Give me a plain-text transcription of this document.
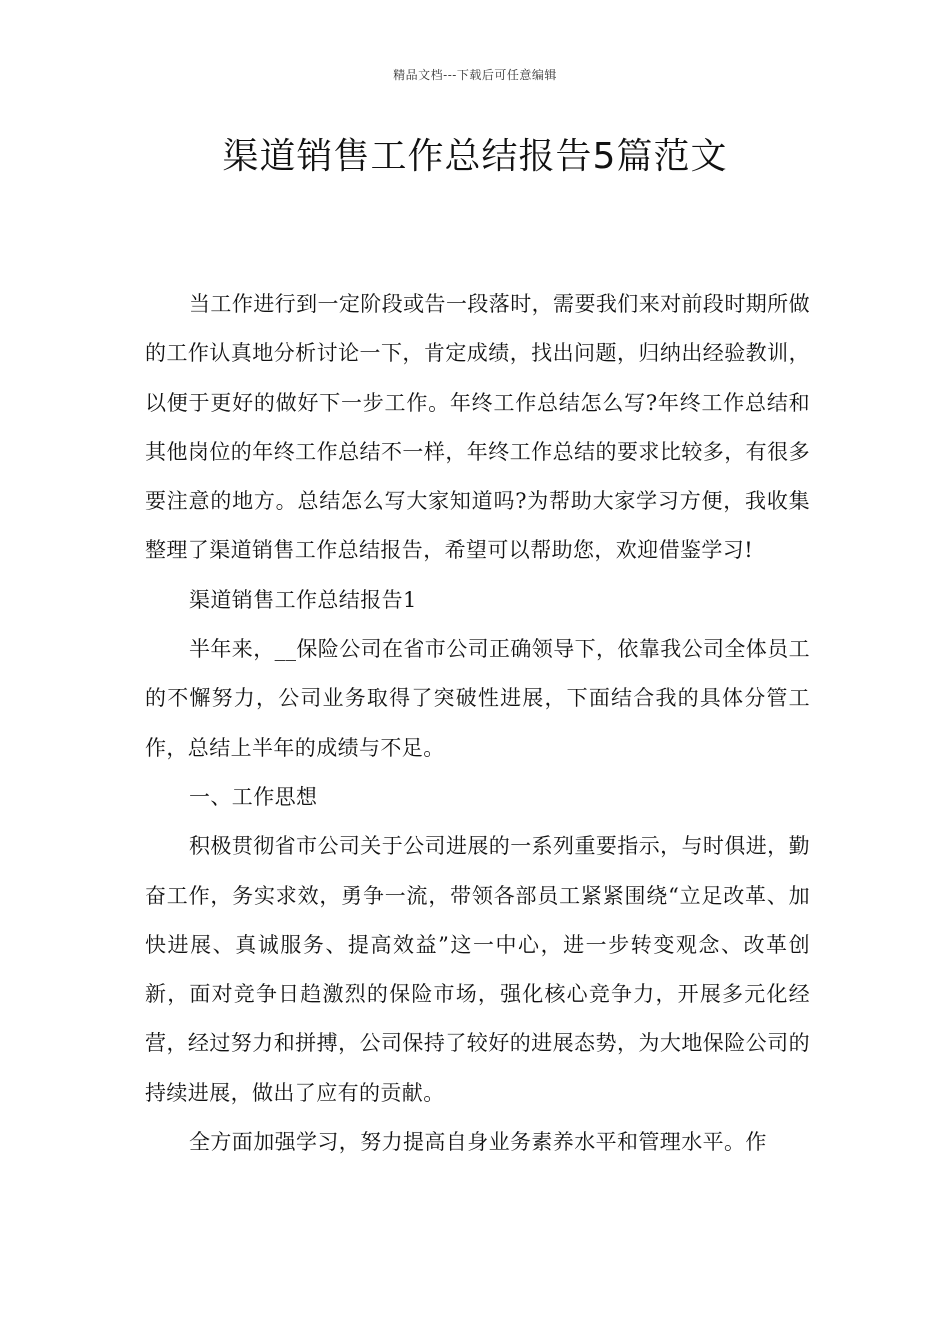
精品文档---下载后可任意编辑
渠道销售工作总结报告5篇范文

当工作进行到一定阶段或告一段落时，需要我们来对前段时期所做的工作认真地分析讨论一下，肯定成绩，找出问题，归纳出经验教训，以便于更好的做好下一步工作。年终工作总结怎么写?年终工作总结和其他岗位的年终工作总结不一样，年终工作总结的要求比较多，有很多要注意的地方。总结怎么写大家知道吗?为帮助大家学习方便，我收集整理了渠道销售工作总结报告，希望可以帮助您，欢迎借鉴学习!

渠道销售工作总结报告1

半年来，__保险公司在省市公司正确领导下，依靠我公司全体员工的不懈努力，公司业务取得了突破性进展，下面结合我的具体分管工作，总结上半年的成绩与不足。

一、工作思想

积极贯彻省市公司关于公司进展的一系列重要指示，与时俱进，勤奋工作，务实求效，勇争一流，带领各部员工紧紧围绕“立足改革、加快进展、真诚服务、提高效益”这一中心，进一步转变观念、改革创新，面对竞争日趋激烈的保险市场，强化核心竞争力，开展多元化经营，经过努力和拼搏，公司保持了较好的进展态势，为大地保险公司的持续进展，做出了应有的贡献。

全方面加强学习，努力提高自身业务素养水平和管理水平。作
